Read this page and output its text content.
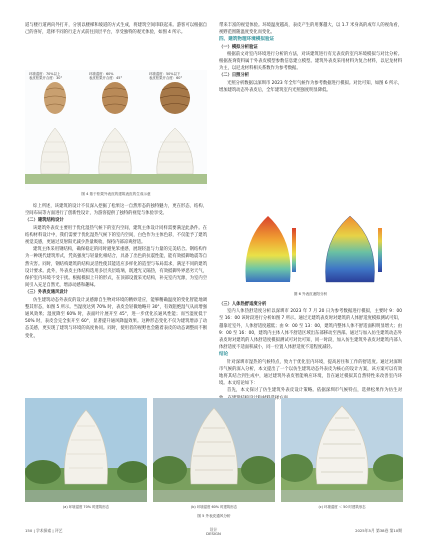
道与楼行道两向外打开，分别以楼梯和坡道的方式生成，将建筑空间串联起来。游客可以根据自己的喜好，选择不同的行走方式前往顶层平台，享受独特的观光体验，如图 4 所示。

环境湿度：70%以上
表皮松果开合度：30°
环境湿度：60%
表皮松果开合度：45°
环境湿度：50%以下
表皮松果开合度：60°
图 4 基于松果外表皮的建筑表皮的生成示意

综上所述，该建筑的设计不仅深入挖掘了松果这一自然形态的独特魅力，更在形态、结构、空间布局等方面进行了创新性设计，为游客提供了独特的视觉与体验享受。

（二）建筑结构设计

该建筑外表皮主要用于优化湿热气候下的室内空间，建筑主体设计同样需要满足此条件。在结构材料设计中，我们需要于优化湿热气候下的室内空间，白色作为主体色彩，不仅能予了建筑视觉美感，更通过反射阳光减少热量吸收，保持内部凉爽舒适。

建筑主体采用钢结构，确保稳定的同时避免笨重感，展现轻盈与力量的完美结合。钢结构作为一种现代建筑形式，凭高强度与轻量化相结合，具备了出色的抗震性能，能有效抵御地震等自然灾害。同时，钢结构建筑的结构灵活性使其能适应多样化的造型与布局需求，满足不同的建筑设计要求。此外，外表皮主体结构选用多层夹层玻璃，既透光又隔热，有效抵御外界恶劣天气，保护室内环境不受干扰。根据模拟上升的形式，在顶部设置采光结构，补充室内光源，为室内空间引入充足自然光，增添动感和趣味。

（三）外表皮通风设计

仿生建筑动态外表皮的设计灵感源自生物对环境的精妙适应，能够精确温度的变化智能地调整其形态，如图 5 所示。当湿度达到 70% 时，表皮会轻微地略开 30°，有效阻绝湿气从而增强通风效果；湿度降至 60% 时，表面叶片展开至 45°，进一步优化长通风性能；而当湿度低于 50% 时，表皮会完全张开至 60°，显著提升通风降温效果。这种形态变化不仅为建筑增添了动态美感，更实现了建筑与环境的高度协同。同时，使用者的视野也会随着表皮的动态调整而不断变化，

带来丰富的视觉体验。环境温度越高，表皮产生的用雾越大，以 1.7 米身高的成年人的视角看，视野范围随温度变化而变化。

四、建筑物理环境模拟验证

（一）模拟分析验证

根据前文对室内环境进行分析的方法，对该建筑进行有无表皮的室内环境模拟与对比分析。根据查询资料属于外表皮模型参数信息建立模型。建筑外表皮采用材料为复合材料，以尼龙材料为主，以尼龙材料相关系数作为参考数据。

（二）日照分析

光照分析数据以深圳市 2023 年全年气候作为参考数据进行模拟。对比可知，如图 6 所示，增加建筑动态外表皮后，全年建筑室内光照强度明显降低。

图 6 外表皮遮阳分析

（三）人体热舒适度分析

室内人体热舒适度分析以深圳市 2023 年 7 月 20 日为参考数据进行模拟，主要时 9：00 至 16：00 该时段进行分析如图 7 所示。通过无建筑表皮时对建筑的人体舒适度模拟测试可知，越靠近室外，人体舒适度越低；由 9：00 至 13：00，建筑内整体人体不舒适面积明显增大；由 9：00 至 16：00，建筑内主体人体不舒适区域出东部移动至西部。通过与加入仿生建筑动态外表皮时对建筑的人体舒适度模拟测试可对比可知，同一时段，加入仿生建筑外表皮对建筑内部人体舒适度不适面积减小，同一位置人体舒适度不适程度减轻。

结论

针对深圳市湿热的气候特点，致力于优化室内环境，提高居住和工作的舒适度。通过对深圳市气候的深入分析，本文提出了一个以仿生建筑动态外表皮为核心的设计方案，该方案可以有效地将其结合到生成中，通过建筑外表皮智能响应环境，旨在通过模拟其自然特性来改善室内环境。本文结论如下：

首先，本文探讨了仿生建筑外表皮设计策略。依据深圳市气候特点，选择松果作为仿生对 材料选择方面，

(a) 环境湿度 70% 时建筑形态	(b) 环境湿度 60% 时建筑形态	(c) 环境湿度 ＜ 50 时建筑形态
图 5 外表皮通风分析
150 | 学术探索 | 评艺	设计
DESIGN
2025年5月 第38卷 第10期
